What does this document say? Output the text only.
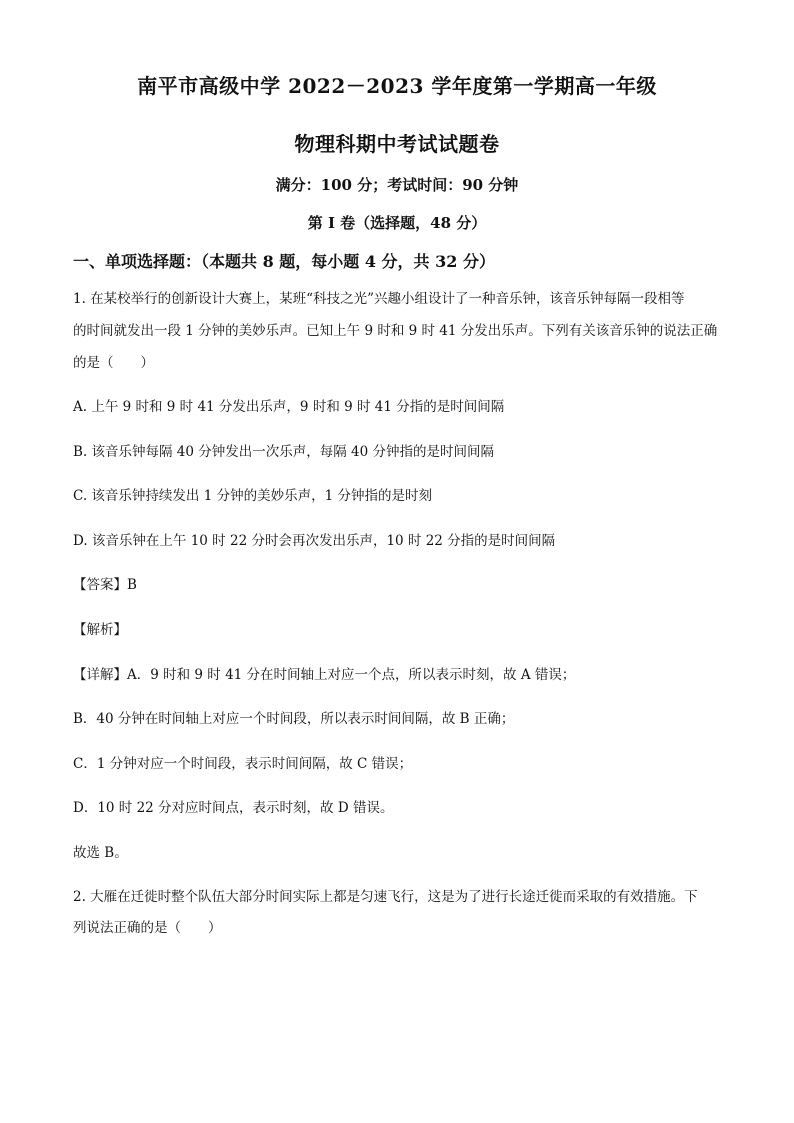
南平市高级中学 2022－2023 学年度第一学期高一年级
物理科期中考试试题卷
满分：100 分；考试时间：90 分钟
第 I 卷（选择题，48 分）
一、单项选择题：（本题共 8 题，每小题 4 分，共 32 分）
1. 在某校举行的创新设计大赛上，某班“科技之光”兴趣小组设计了一种音乐钟，该音乐钟每隔一段相等
的时间就发出一段 1 分钟的美妙乐声。已知上午 9 时和 9 时 41 分发出乐声。下列有关该音乐钟的说法正确
的是（　　）
A. 上午 9 时和 9 时 41 分发出乐声，9 时和 9 时 41 分指的是时间间隔
B. 该音乐钟每隔 40 分钟发出一次乐声，每隔 40 分钟指的是时间间隔
C. 该音乐钟持续发出 1 分钟的美妙乐声，1 分钟指的是时刻
D. 该音乐钟在上午 10 时 22 分时会再次发出乐声，10 时 22 分指的是时间间隔
【答案】B
【解析】
【详解】A．9 时和 9 时 41 分在时间轴上对应一个点，所以表示时刻，故 A 错误；
B．40 分钟在时间轴上对应一个时间段，所以表示时间间隔，故 B 正确；
C．1 分钟对应一个时间段，表示时间间隔，故 C 错误；
D．10 时 22 分对应时间点，表示时刻，故 D 错误。
故选 B。
2. 大雁在迁徙时整个队伍大部分时间实际上都是匀速飞行，这是为了进行长途迁徙而采取的有效措施。下
列说法正确的是（　　）
